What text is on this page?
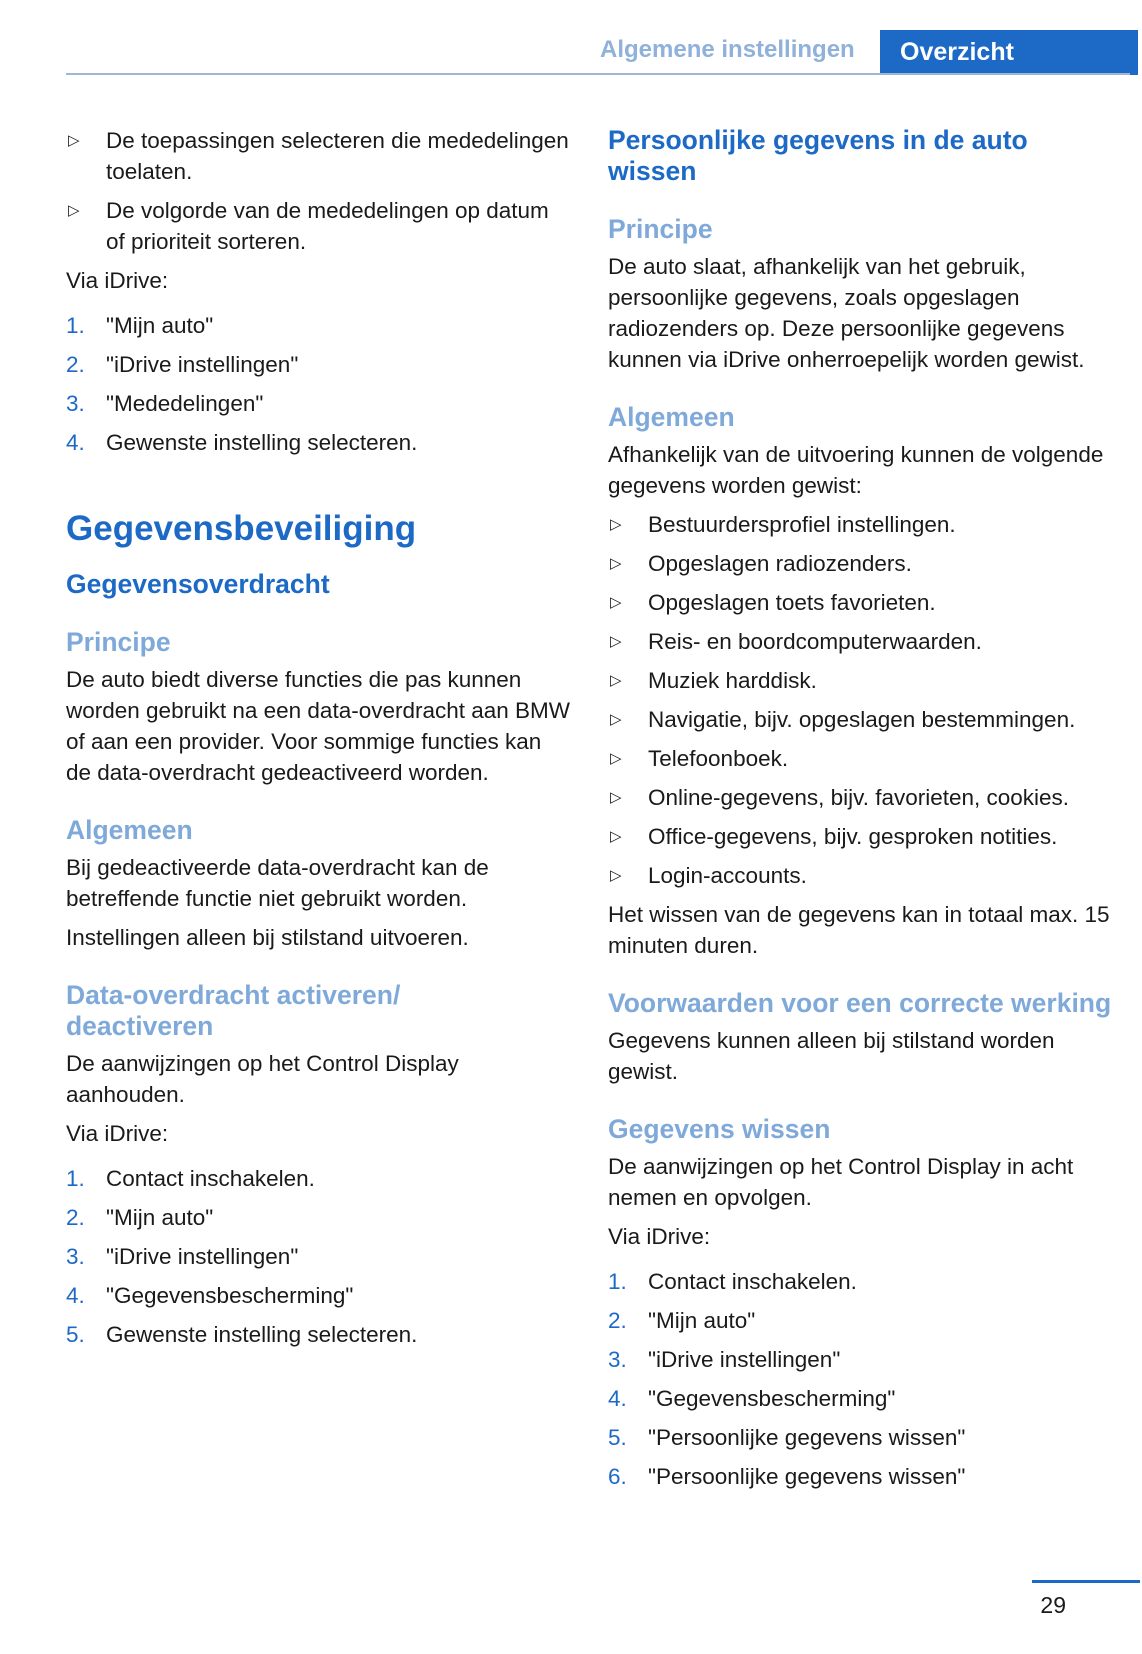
Algemene instellingen	Overzicht
▷ De toepassingen selecteren die mededelingen toelaten.
▷ De volgorde van de mededelingen op datum of prioriteit sorteren.

Via iDrive:

1. "Mijn auto"
2. "iDrive instellingen"
3. "Mededelingen"
4. Gewenste instelling selecteren.
Gegevensbeveiliging
Gegevensoverdracht
Principe

De auto biedt diverse functies die pas kunnen worden gebruikt na een data-overdracht aan BMW of aan een provider. Voor sommige functies kan de data-overdracht gedeactiveerd worden.

Algemeen

Bij gedeactiveerde data-overdracht kan de betreffende functie niet gebruikt worden.

Instellingen alleen bij stilstand uitvoeren.

Data-overdracht activeren/ deactiveren

De aanwijzingen op het Control Display aanhouden.

Via iDrive:

1. Contact inschakelen.
2. "Mijn auto"
3. "iDrive instellingen"
4. "Gegevensbescherming"
5. Gewenste instelling selecteren.
Persoonlijke gegevens in de auto wissen
Principe

De auto slaat, afhankelijk van het gebruik, persoonlijke gegevens, zoals opgeslagen radiozenders op. Deze persoonlijke gegevens kunnen via iDrive onherroepelijk worden gewist.

Algemeen

Afhankelijk van de uitvoering kunnen de volgende gegevens worden gewist:

▷ Bestuurdersprofiel instellingen.
▷ Opgeslagen radiozenders.
▷ Opgeslagen toets favorieten.
▷ Reis- en boordcomputerwaarden.
▷ Muziek harddisk.
▷ Navigatie, bijv. opgeslagen bestemmingen.
▷ Telefoonboek.
▷ Online-gegevens, bijv. favorieten, cookies.
▷ Office-gegevens, bijv. gesproken notities.
▷ Login-accounts.

Het wissen van de gegevens kan in totaal max. 15 minuten duren.

Voorwaarden voor een correcte werking

Gegevens kunnen alleen bij stilstand worden gewist.

Gegevens wissen

De aanwijzingen op het Control Display in acht nemen en opvolgen.

Via iDrive:

1. Contact inschakelen.
2. "Mijn auto"
3. "iDrive instellingen"
4. "Gegevensbescherming"
5. "Persoonlijke gegevens wissen"
6. "Persoonlijke gegevens wissen"
29
